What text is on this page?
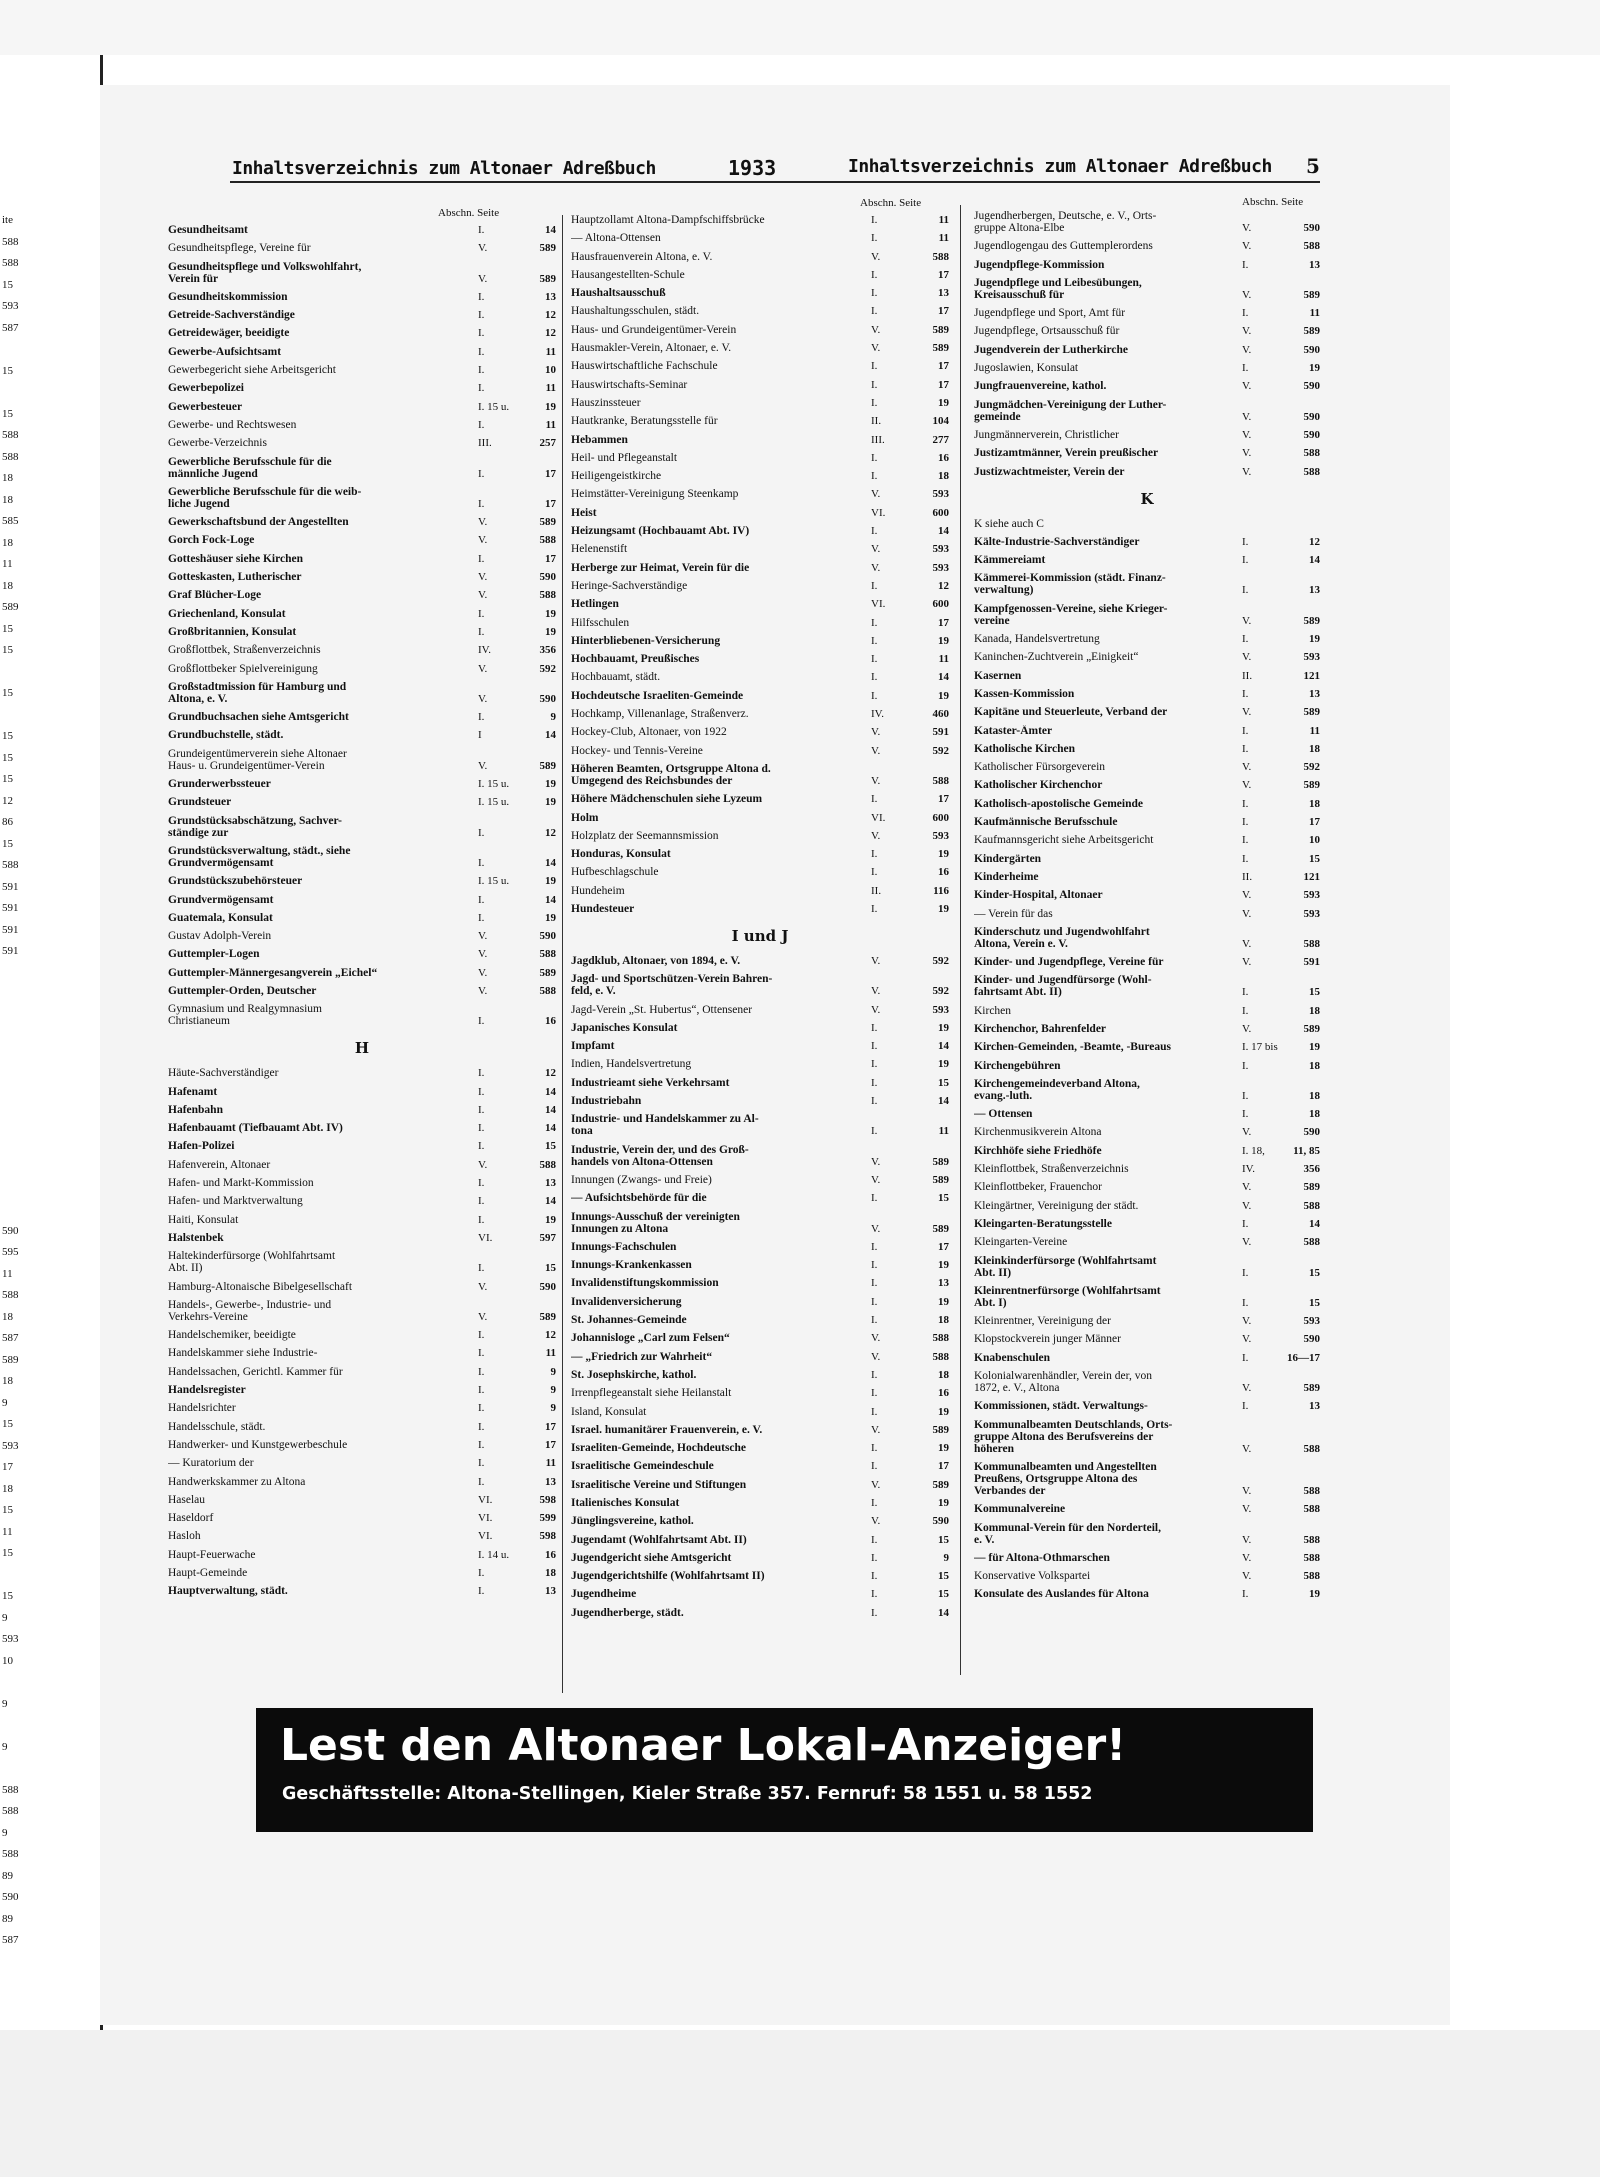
ite
588
588
15
593
587
15
15
588
588
18
18
585
18
11
18
589
15
15
15
15
15
15
12
86
15
588
591
591
591
591
590
595
11
588
18
587
589
18
9
15
593
17
18
15
11
15
15
9
593
10
9
9
588
588
9
588
89
590
89
587
Inhaltsverzeichnis zum Altonaer Adreßbuch	1933	Inhaltsverzeichnis zum Altonaer Adreßbuch 5
Abschn. Seite
Abschn. Seite	Abschn. Seite
Gesundheitsamt	I.	14
Gesundheitspflege, Vereine für	V.	589
Gesundheitspflege und Volkswohlfahrt,
Verein für	V.	589
Gesundheitskommission	I.	13
Getreide-Sachverständige	I.	12
Getreidewäger, beeidigte	I.	12
Gewerbe-Aufsichtsamt	I.	11
Gewerbegericht siehe Arbeitsgericht	I.	10
Gewerbepolizei	I.	11
Gewerbesteuer	I. 15 u.	19
Gewerbe- und Rechtswesen	I.	11
Gewerbe-Verzeichnis	III.	257
Gewerbliche Berufsschule für die
männliche Jugend	I.	17
Gewerbliche Berufsschule für die weib-
liche Jugend	I.	17
Gewerkschaftsbund der Angestellten	V.	589
Gorch Fock-Loge	V.	588
Gotteshäuser siehe Kirchen	I.	17
Gotteskasten, Lutherischer	V.	590
Graf Blücher-Loge	V.	588
Griechenland, Konsulat	I.	19
Großbritannien, Konsulat	I.	19
Großflottbek, Straßenverzeichnis	IV.	356
Großflottbeker Spielvereinigung	V.	592
Großstadtmission für Hamburg und
Altona, e. V.	V.	590
Grundbuchsachen siehe Amtsgericht	I.	9
Grundbuchstelle, städt.	I	14
Grundeigentümerverein siehe Altonaer
Haus- u. Grundeigentümer-Verein	V.	589
Grunderwerbssteuer	I. 15 u.	19
Grundsteuer	I. 15 u.	19
Grundstücksabschätzung, Sachver-
ständige zur	I.	12
Grundstücksverwaltung, städt., siehe
Grundvermögensamt	I.	14
Grundstückszubehörsteuer	I. 15 u.	19
Grundvermögensamt	I.	14
Guatemala, Konsulat	I.	19
Gustav Adolph-Verein	V.	590
Guttempler-Logen	V.	588
Guttempler-Männergesangverein „Eichel“	V.	589
Guttempler-Orden, Deutscher	V.	588
Gymnasium und Realgymnasium
Christianeum	I.	16
H
Häute-Sachverständiger	I.	12
Hafenamt	I.	14
Hafenbahn	I.	14
Hafenbauamt (Tiefbauamt Abt. IV)	I.	14
Hafen-Polizei	I.	15
Hafenverein, Altonaer	V.	588
Hafen- und Markt-Kommission	I.	13
Hafen- und Marktverwaltung	I.	14
Haiti, Konsulat	I.	19
Halstenbek	VI.	597
Haltekinderfürsorge (Wohlfahrtsamt
Abt. II)	I.	15
Hamburg-Altonaische Bibelgesellschaft	V.	590
Handels-, Gewerbe-, Industrie- und
Verkehrs-Vereine	V.	589
Handelschemiker, beeidigte	I.	12
Handelskammer siehe Industrie-	I.	11
Handelssachen, Gerichtl. Kammer für	I.	9
Handelsregister	I.	9
Handelsrichter	I.	9
Handelsschule, städt.	I.	17
Handwerker- und Kunstgewerbeschule	I.	17
— Kuratorium der	I.	11
Handwerkskammer zu Altona	I.	13
Haselau	VI.	598
Haseldorf	VI.	599
Hasloh	VI.	598
Haupt-Feuerwache	I. 14 u.	16
Haupt-Gemeinde	I.	18
Hauptverwaltung, städt.	I.	13
Hauptzollamt Altona-Dampfschiffsbrücke	I.	11
— Altona-Ottensen	I.	11
Hausfrauenverein Altona, e. V.	V.	588
Hausangestellten-Schule	I.	17
Haushaltsausschuß	I.	13
Haushaltungsschulen, städt.	I.	17
Haus- und Grundeigentümer-Verein	V.	589
Hausmakler-Verein, Altonaer, e. V.	V.	589
Hauswirtschaftliche Fachschule	I.	17
Hauswirtschafts-Seminar	I.	17
Hauszinssteuer	I.	19
Hautkranke, Beratungsstelle für	II.	104
Hebammen	III.	277
Heil- und Pflegeanstalt	I.	16
Heiligengeistkirche	I.	18
Heimstätter-Vereinigung Steenkamp	V.	593
Heist	VI.	600
Heizungsamt (Hochbauamt Abt. IV)	I.	14
Helenenstift	V.	593
Herberge zur Heimat, Verein für die	V.	593
Heringe-Sachverständige	I.	12
Hetlingen	VI.	600
Hilfsschulen	I.	17
Hinterbliebenen-Versicherung	I.	19
Hochbauamt, Preußisches	I.	11
Hochbauamt, städt.	I.	14
Hochdeutsche Israeliten-Gemeinde	I.	19
Hochkamp, Villenanlage, Straßenverz.	IV.	460
Hockey-Club, Altonaer, von 1922	V.	591
Hockey- und Tennis-Vereine	V.	592
Höheren Beamten, Ortsgruppe Altona d.
Umgegend des Reichsbundes der	V.	588
Höhere Mädchenschulen siehe Lyzeum	I.	17
Holm	VI.	600
Holzplatz der Seemannsmission	V.	593
Honduras, Konsulat	I.	19
Hufbeschlagschule	I.	16
Hundeheim	II.	116
Hundesteuer	I.	19
I und J
Jagdklub, Altonaer, von 1894, e. V.	V.	592
Jagd- und Sportschützen-Verein Bahren-
feld, e. V.	V.	592
Jagd-Verein „St. Hubertus“, Ottensener	V.	593
Japanisches Konsulat	I.	19
Impfamt	I.	14
Indien, Handelsvertretung	I.	19
Industrieamt siehe Verkehrsamt	I.	15
Industriebahn	I.	14
Industrie- und Handelskammer zu Al-
tona	I.	11
Industrie, Verein der, und des Groß-
handels von Altona-Ottensen	V.	589
Innungen (Zwangs- und Freie)	V.	589
— Aufsichtsbehörde für die	I.	15
Innungs-Ausschuß der vereinigten
Innungen zu Altona	V.	589
Innungs-Fachschulen	I.	17
Innungs-Krankenkassen	I.	19
Invalidenstiftungskommission	I.	13
Invalidenversicherung	I.	19
St. Johannes-Gemeinde	I.	18
Johannisloge „Carl zum Felsen“	V.	588
— „Friedrich zur Wahrheit“	V.	588
St. Josephskirche, kathol.	I.	18
Irrenpflegeanstalt siehe Heilanstalt	I.	16
Island, Konsulat	I.	19
Israel. humanitärer Frauenverein, e. V.	V.	589
Israeliten-Gemeinde, Hochdeutsche	I.	19
Israelitische Gemeindeschule	I.	17
Israelitische Vereine und Stiftungen	V.	589
Italienisches Konsulat	I.	19
Jünglingsvereine, kathol.	V.	590
Jugendamt (Wohlfahrtsamt Abt. II)	I.	15
Jugendgericht siehe Amtsgericht	I.	9
Jugendgerichtshilfe (Wohlfahrtsamt II)	I.	15
Jugendheime	I.	15
Jugendherberge, städt.	I.	14
Jugendherbergen, Deutsche, e. V., Orts-
gruppe Altona-Elbe	V.	590
Jugendlogengau des Guttemplerordens	V.	588
Jugendpflege-Kommission	I.	13
Jugendpflege und Leibesübungen,
Kreisausschuß für	V.	589
Jugendpflege und Sport, Amt für	I.	11
Jugendpflege, Ortsausschuß für	V.	589
Jugendverein der Lutherkirche	V.	590
Jugoslawien, Konsulat	I.	19
Jungfrauenvereine, kathol.	V.	590
Jungmädchen-Vereinigung der Luther-
gemeinde	V.	590
Jungmännerverein, Christlicher	V.	590
Justizamtmänner, Verein preußischer	V.	588
Justizwachtmeister, Verein der	V.	588
K
K siehe auch C
Kälte-Industrie-Sachverständiger	I.	12
Kämmereiamt	I.	14
Kämmerei-Kommission (städt. Finanz-
verwaltung)	I.	13
Kampfgenossen-Vereine, siehe Krieger-
vereine	V.	589
Kanada, Handelsvertretung	I.	19
Kaninchen-Zuchtverein „Einigkeit“	V.	593
Kasernen	II.	121
Kassen-Kommission	I.	13
Kapitäne und Steuerleute, Verband der	V.	589
Kataster-Ämter	I.	11
Katholische Kirchen	I.	18
Katholischer Fürsorgeverein	V.	592
Katholischer Kirchenchor	V.	589
Katholisch-apostolische Gemeinde	I.	18
Kaufmännische Berufsschule	I.	17
Kaufmannsgericht siehe Arbeitsgericht	I.	10
Kindergärten	I.	15
Kinderheime	II.	121
Kinder-Hospital, Altonaer	V.	593
— Verein für das	V.	593
Kinderschutz und Jugendwohlfahrt
Altona, Verein e. V.	V.	588
Kinder- und Jugendpflege, Vereine für	V.	591
Kinder- und Jugendfürsorge (Wohl-
fahrtsamt Abt. II)	I.	15
Kirchen	I.	18
Kirchenchor, Bahrenfelder	V.	589
Kirchen-Gemeinden, -Beamte, -Bureaus	I. 17 bis	19
Kirchengebühren	I.	18
Kirchengemeindeverband Altona,
evang.-luth.	I.	18
— Ottensen	I.	18
Kirchenmusikverein Altona	V.	590
Kirchhöfe siehe Friedhöfe	I. 18,	11, 85
Kleinflottbek, Straßenverzeichnis	IV.	356
Kleinflottbeker, Frauenchor	V.	589
Kleingärtner, Vereinigung der städt.	V.	588
Kleingarten-Beratungsstelle	I.	14
Kleingarten-Vereine	V.	588
Kleinkinderfürsorge (Wohlfahrtsamt
Abt. II)	I.	15
Kleinrentnerfürsorge (Wohlfahrtsamt
Abt. I)	I.	15
Kleinrentner, Vereinigung der	V.	593
Klopstockverein junger Männer	V.	590
Knabenschulen	I.	16—17
Kolonialwarenhändler, Verein der, von
1872, e. V., Altona	V.	589
Kommissionen, städt. Verwaltungs-	I.	13
Kommunalbeamten Deutschlands, Orts-
gruppe Altona des Berufsvereins der
höheren	V.	588
Kommunalbeamten und Angestellten
Preußens, Ortsgruppe Altona des
Verbandes der	V.	588
Kommunalvereine	V.	588
Kommunal-Verein für den Norderteil,
e. V.	V.	588
— für Altona-Othmarschen	V.	588
Konservative Volkspartei	V.	588
Konsulate des Auslandes für Altona	I.	19
Lest den Altonaer Lokal-Anzeiger!
Geschäftsstelle: Altona-Stellingen, Kieler Straße 357. Fernruf: 58 1551 u. 58 1552
